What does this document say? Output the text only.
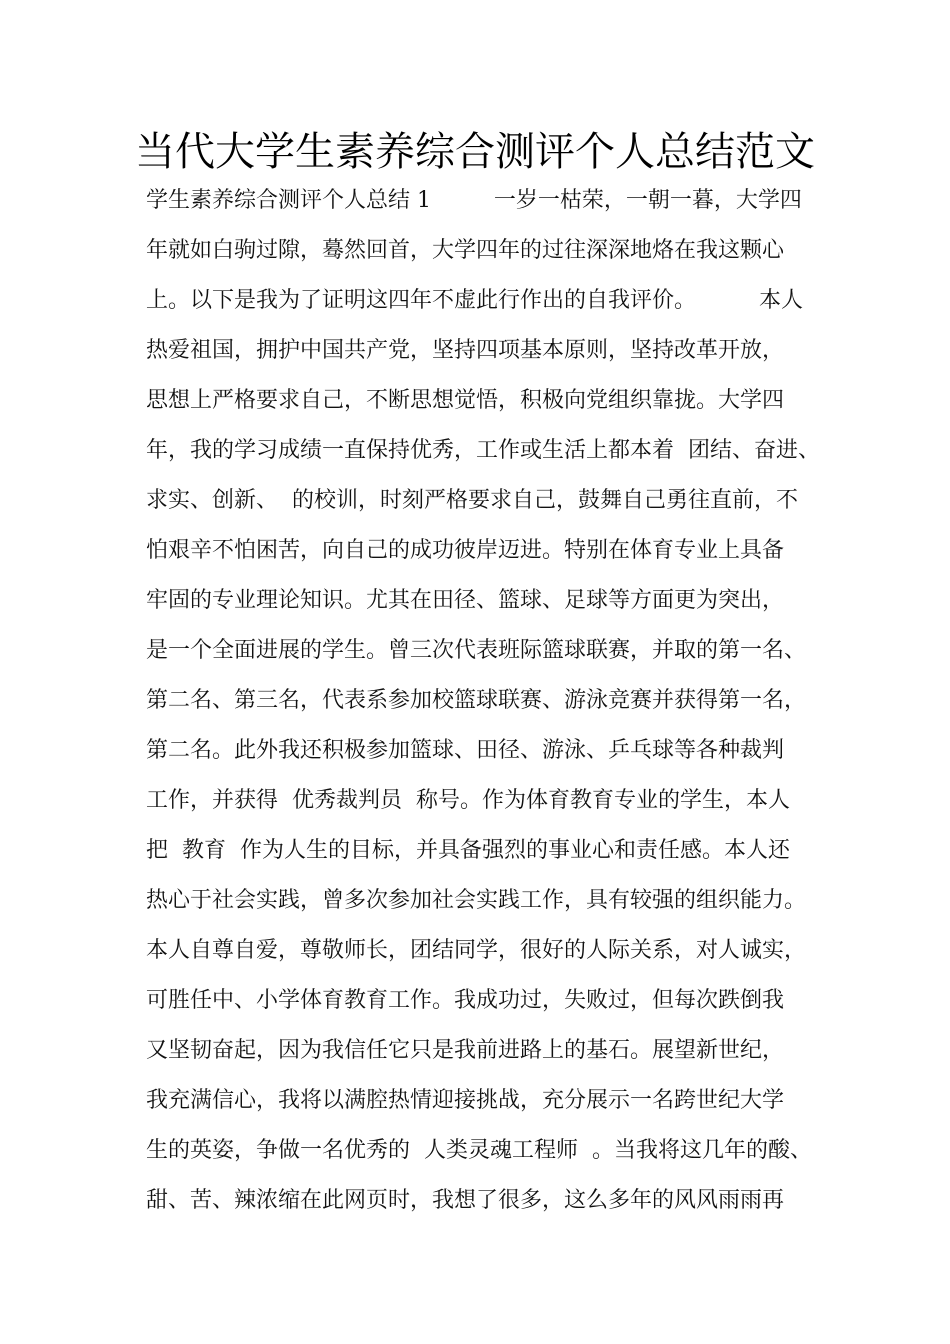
当代大学生素养综合测评个人总结范文
学生素养综合测评个人总结 1         一岁一枯荣，一朝一暮，大学四
年就如白驹过隙，蓦然回首，大学四年的过往深深地烙在我这颗心
上。以下是我为了证明这四年不虚此行作出的自我评价。         本人
热爱祖国，拥护中国共产党，坚持四项基本原则，坚持改革开放，
思想上严格要求自己，不断思想觉悟，积极向党组织靠拢。大学四
年，我的学习成绩一直保持优秀，工作或生活上都本着  团结、奋进、
求实、创新、  的校训，时刻严格要求自己，鼓舞自己勇往直前，不
怕艰辛不怕困苦，向自己的成功彼岸迈进。特别在体育专业上具备
牢固的专业理论知识。尤其在田径、篮球、足球等方面更为突出，
是一个全面进展的学生。曾三次代表班际篮球联赛，并取的第一名、
第二名、第三名，代表系参加校篮球联赛、游泳竞赛并获得第一名，
第二名。此外我还积极参加篮球、田径、游泳、乒乓球等各种裁判
工作，并获得  优秀裁判员  称号。作为体育教育专业的学生，本人
把  教育  作为人生的目标，并具备强烈的事业心和责任感。本人还
热心于社会实践，曾多次参加社会实践工作，具有较强的组织能力。
本人自尊自爱，尊敬师长，团结同学，很好的人际关系，对人诚实，
可胜任中、小学体育教育工作。我成功过，失败过，但每次跌倒我
又坚韧奋起，因为我信任它只是我前进路上的基石。展望新世纪，
我充满信心，我将以满腔热情迎接挑战，充分展示一名跨世纪大学
生的英姿，争做一名优秀的  人类灵魂工程师  。当我将这几年的酸、
甜、苦、辣浓缩在此网页时，我想了很多，这么多年的风风雨雨再
